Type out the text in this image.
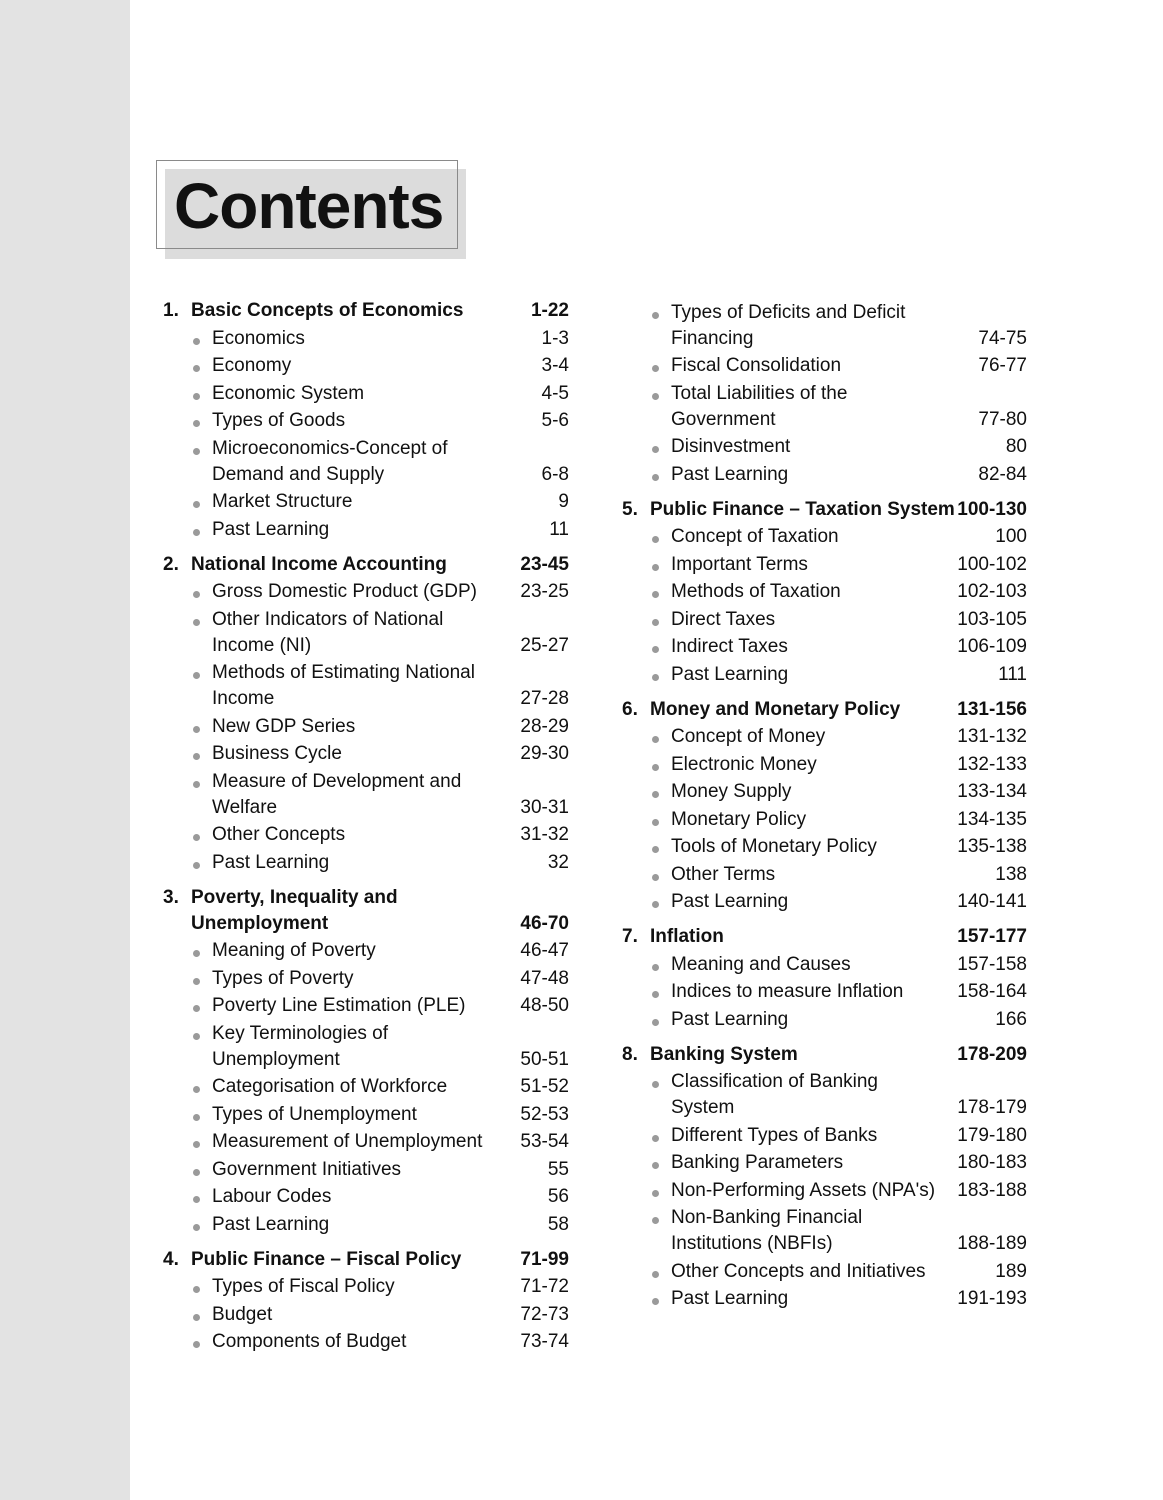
Contents
1. Basic Concepts of Economics	1-22
Economics	1-3
Economy	3-4
Economic System	4-5
Types of Goods	5-6
Microeconomics-Concept of Demand and Supply	6-8
Market Structure	9
Past Learning	11
2. National Income Accounting	23-45
Gross Domestic Product (GDP) 23-25
Other Indicators of National Income (NI)	25-27
Methods of Estimating National Income	27-28
New GDP Series	28-29
Business Cycle	29-30
Measure of Development and Welfare	30-31
Other Concepts	31-32
Past Learning	32
3. Poverty, Inequality and Unemployment	46-70
Meaning of Poverty	46-47
Types of Poverty	47-48
Poverty Line Estimation (PLE)	48-50
Key Terminologies of Unemployment	50-51
Categorisation of Workforce	51-52
Types of Unemployment	52-53
Measurement of Unemployment 53-54
Government Initiatives	55
Labour Codes	56
Past Learning	58
4. Public Finance – Fiscal Policy	71-99
Types of Fiscal Policy	71-72
Budget	72-73
Components of Budget	73-74
Types of Deficits and Deficit Financing	74-75
Fiscal Consolidation	76-77
Total Liabilities of the Government	77-80
Disinvestment	80
Past Learning	82-84
5. Public Finance – Taxation System 100-130
Concept of Taxation	100
Important Terms	100-102
Methods of Taxation	102-103
Direct Taxes	103-105
Indirect Taxes	106-109
Past Learning	111
6. Money and Monetary Policy	131-156
Concept of Money	131-132
Electronic Money	132-133
Money Supply	133-134
Monetary Policy	134-135
Tools of Monetary Policy	135-138
Other Terms	138
Past Learning	140-141
7. Inflation	157-177
Meaning and Causes	157-158
Indices to measure Inflation	158-164
Past Learning	166
8. Banking System	178-209
Classification of Banking System	178-179
Different Types of Banks	179-180
Banking Parameters	180-183
Non-Performing Assets (NPA's) 183-188
Non-Banking Financial Institutions (NBFIs)	188-189
Other Concepts and Initiatives	189
Past Learning	191-193
